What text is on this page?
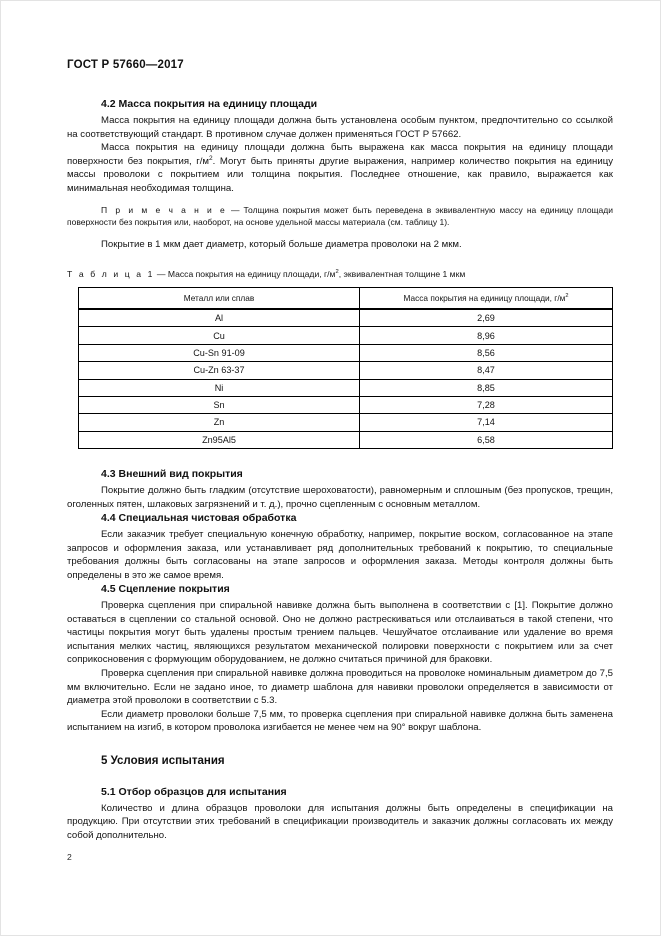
ГОСТ Р 57660—2017
4.2 Масса покрытия на единицу площади

Масса покрытия на единицу площади должна быть установлена особым пунктом, предпочтительно со ссылкой на соответствующий стандарт. В противном случае должен применяться ГОСТ Р 57662.

Масса покрытия на единицу площади должна быть выражена как масса покрытия на единицу площади поверхности без покрытия, $г/м^2$. Могут быть приняты другие выражения, например количество покрытия на единицу массы проволоки с покрытием или толщина покрытия. Последнее отношение, как правило, выражается как минимальная необходимая толщина.

П р и м е ч а н и е — Толщина покрытия может быть переведена в эквивалентную массу на единицу площади поверхности без покрытия или, наоборот, на основе удельной массы материала (см. таблицу 1).

Покрытие в 1 мкм дает диаметр, который больше диаметра проволоки на 2 мкм.

Т а б л и ц а 1 — Масса покрытия на единицу площади, $г/м^2$, эквивалентная толщине 1 мкм

Металл или сплав	Масса покрытия на единицу площади, $г/м^2$
Al	2,69
Cu	8,96
Cu-Sn 91-09	8,56
Cu-Zn 63-37	8,47
Ni	8,85
Sn	7,28
Zn	7,14
Zn95Al5	6,58
4.3 Внешний вид покрытия

Покрытие должно быть гладким (отсутствие шероховатости), равномерным и сплошным (без пропусков, трещин, оголенных пятен, шлаковых загрязнений и т. д.), прочно сцепленным с основным металлом.

4.4 Специальная чистовая обработка

Если заказчик требует специальную конечную обработку, например, покрытие воском, согласованное на этапе запросов и оформления заказа, или устанавливает ряд дополнительных требований к покрытию, то специальные требования должны быть согласованы на этапе запросов и оформления заказа. Методы контроля должны быть определены в это же самое время.

4.5 Сцепление покрытия

Проверка сцепления при спиральной навивке должна быть выполнена в соответствии с [1]. Покрытие должно оставаться в сцеплении со стальной основой. Оно не должно растрескиваться или отслаиваться в такой степени, что частицы покрытия могут быть удалены простым трением пальцев. Чешуйчатое отслаивание или удаление во время испытания мелких частиц, являющихся результатом механической полировки поверхности с покрытием или за счет соприкосновения с формующим оборудованием, не должно считаться причиной для браковки.

Проверка сцепления при спиральной навивке должна проводиться на проволоке номинальным диаметром до 7,5 мм включительно. Если не задано иное, то диаметр шаблона для навивки проволоки определяется в зависимости от диаметра этой проволоки в соответствии с 5.3.

Если диаметр проволоки больше 7,5 мм, то проверка сцепления при спиральной навивке должна быть заменена испытанием на изгиб, в котором проволока изгибается не менее чем на 90° вокруг шаблона.

5 Условия испытания
5.1 Отбор образцов для испытания

Количество и длина образцов проволоки для испытания должны быть определены в спецификации на продукцию. При отсутствии этих требований в спецификации производитель и заказчик должны согласовать их между собой дополнительно.

2
